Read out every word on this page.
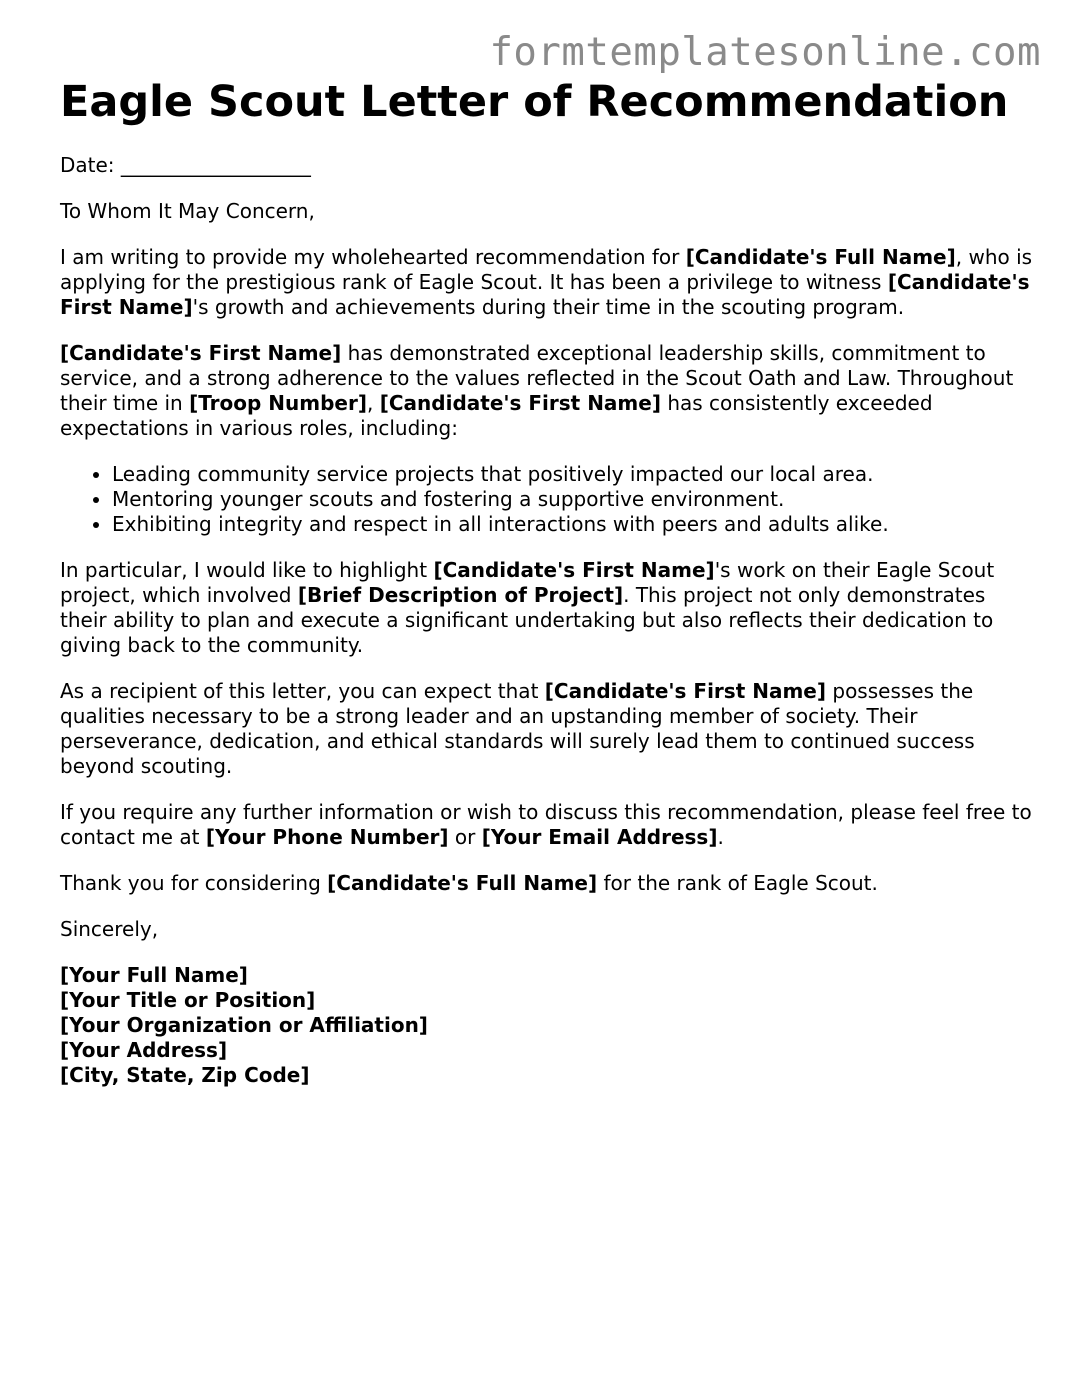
formtemplatesonline.com
Eagle Scout Letter of Recommendation

Date: ___________________

To Whom It May Concern,

I am writing to provide my wholehearted recommendation for [Candidate's Full Name], who is applying for the prestigious rank of Eagle Scout. It has been a privilege to witness [Candidate's First Name]'s growth and achievements during their time in the scouting program.

[Candidate's First Name] has demonstrated exceptional leadership skills, commitment to service, and a strong adherence to the values reflected in the Scout Oath and Law. Throughout their time in [Troop Number], [Candidate's First Name] has consistently exceeded expectations in various roles, including:

• Leading community service projects that positively impacted our local area.
• Mentoring younger scouts and fostering a supportive environment.
• Exhibiting integrity and respect in all interactions with peers and adults alike.

In particular, I would like to highlight [Candidate's First Name]'s work on their Eagle Scout project, which involved [Brief Description of Project]. This project not only demonstrates their ability to plan and execute a significant undertaking but also reflects their dedication to giving back to the community.

As a recipient of this letter, you can expect that [Candidate's First Name] possesses the qualities necessary to be a strong leader and an upstanding member of society. Their perseverance, dedication, and ethical standards will surely lead them to continued success beyond scouting.

If you require any further information or wish to discuss this recommendation, please feel free to contact me at [Your Phone Number] or [Your Email Address].

Thank you for considering [Candidate's Full Name] for the rank of Eagle Scout.

Sincerely,

[Your Full Name]
[Your Title or Position]
[Your Organization or Affiliation]
[Your Address]
[City, State, Zip Code]
